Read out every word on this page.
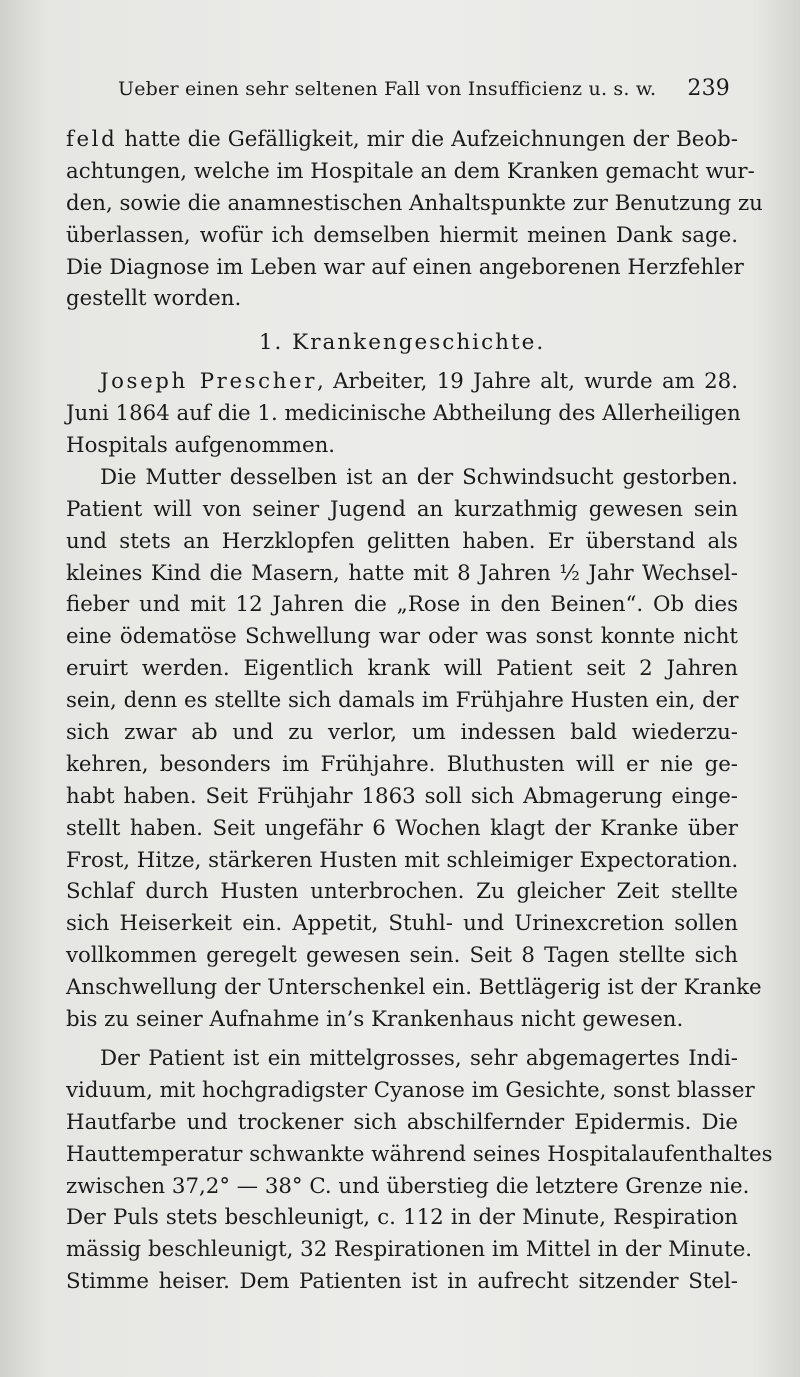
Ueber einen sehr seltenen Fall von Insufficienz u. s. w. 239
feld hatte die Gefälligkeit, mir die Aufzeichnungen der Beob-
achtungen, welche im Hospitale an dem Kranken gemacht wur-
den, sowie die anamnestischen Anhaltspunkte zur Benutzung zu
überlassen, wofür ich demselben hiermit meinen Dank sage.
Die Diagnose im Leben war auf einen angeborenen Herzfehler
gestellt worden.
1. Krankengeschichte.
Joseph Prescher, Arbeiter, 19 Jahre alt, wurde am 28.
Juni 1864 auf die 1. medicinische Abtheilung des Allerheiligen
Hospitals aufgenommen.
Die Mutter desselben ist an der Schwindsucht gestorben.
Patient will von seiner Jugend an kurzathmig gewesen sein
und stets an Herzklopfen gelitten haben. Er überstand als
kleines Kind die Masern, hatte mit 8 Jahren ½ Jahr Wechsel-
fieber und mit 12 Jahren die „Rose in den Beinen“. Ob dies
eine ödematöse Schwellung war oder was sonst konnte nicht
eruirt werden. Eigentlich krank will Patient seit 2 Jahren
sein, denn es stellte sich damals im Frühjahre Husten ein, der
sich zwar ab und zu verlor, um indessen bald wiederzu-
kehren, besonders im Frühjahre. Bluthusten will er nie ge-
habt haben. Seit Frühjahr 1863 soll sich Abmagerung einge-
stellt haben. Seit ungefähr 6 Wochen klagt der Kranke über
Frost, Hitze, stärkeren Husten mit schleimiger Expectoration.
Schlaf durch Husten unterbrochen. Zu gleicher Zeit stellte
sich Heiserkeit ein. Appetit, Stuhl- und Urinexcretion sollen
vollkommen geregelt gewesen sein. Seit 8 Tagen stellte sich
Anschwellung der Unterschenkel ein. Bettlägerig ist der Kranke
bis zu seiner Aufnahme in’s Krankenhaus nicht gewesen.
Der Patient ist ein mittelgrosses, sehr abgemagertes Indi-
viduum, mit hochgradigster Cyanose im Gesichte, sonst blasser
Hautfarbe und trockener sich abschilfernder Epidermis. Die
Hauttemperatur schwankte während seines Hospitalaufenthaltes
zwischen 37,2° — 38° C. und überstieg die letztere Grenze nie.
Der Puls stets beschleunigt, c. 112 in der Minute, Respiration
mässig beschleunigt, 32 Respirationen im Mittel in der Minute.
Stimme heiser. Dem Patienten ist in aufrecht sitzender Stel-
